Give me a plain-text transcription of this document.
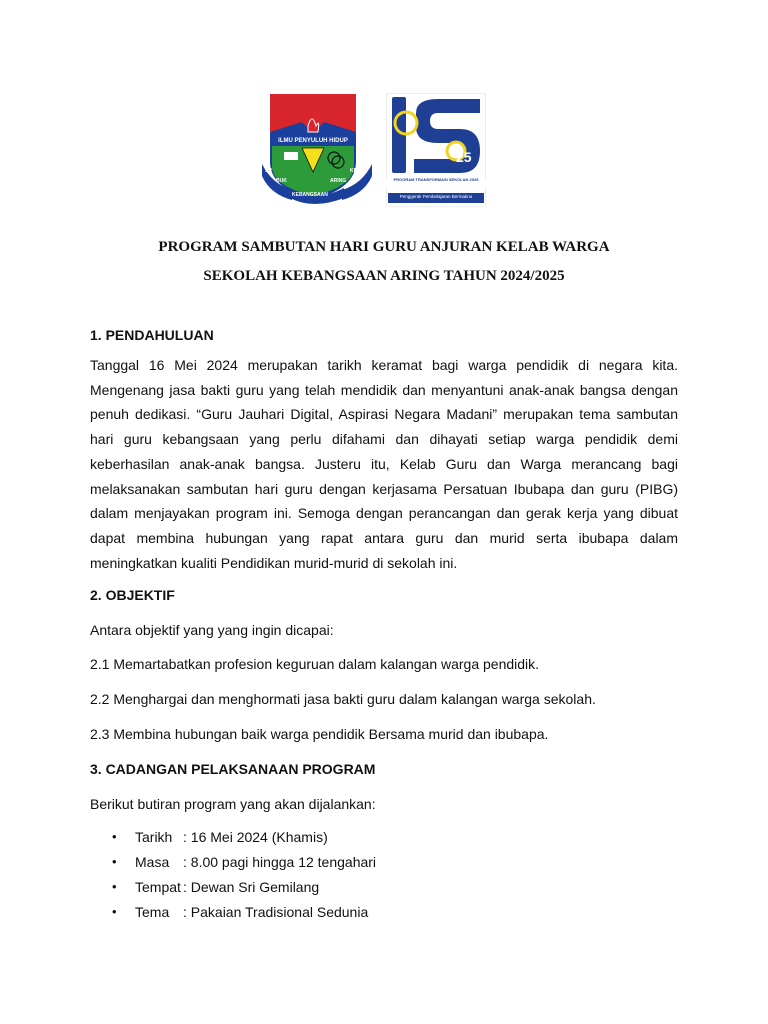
ILMU PENYULUH HIDUP
SR
BUK
KEBANGSAAN
ARING
KB
25
PROGRAM TRANSFORMASI SEKOLAH 2025
Penggerak Pembelajaran Bermakna
PROGRAM SAMBUTAN HARI GURU ANJURAN KELAB WARGA
SEKOLAH KEBANGSAAN ARING TAHUN 2024/2025
1. PENDAHULUAN

Tanggal 16 Mei 2024 merupakan tarikh keramat bagi warga pendidik di negara kita. Mengenang jasa bakti guru yang telah mendidik dan menyantuni anak-anak bangsa dengan penuh dedikasi. “Guru Jauhari Digital, Aspirasi Negara Madani” merupakan tema sambutan hari guru kebangsaan yang perlu difahami dan dihayati setiap warga pendidik demi keberhasilan anak-anak bangsa. Justeru itu, Kelab Guru dan Warga merancang bagi melaksanakan sambutan hari guru dengan kerjasama Persatuan Ibubapa dan guru (PIBG) dalam menjayakan program ini. Semoga dengan perancangan dan gerak kerja yang dibuat dapat membina hubungan yang rapat antara guru dan murid serta ibubapa dalam meningkatkan kualiti Pendidikan murid-murid di sekolah ini.

2. OBJEKTIF
Antara objektif yang yang ingin dicapai:
2.1 Memartabatkan profesion keguruan dalam kalangan warga pendidik.
2.2 Menghargai dan menghormati jasa bakti guru dalam kalangan warga sekolah.
2.3 Membina hubungan baik warga pendidik Bersama murid dan ibubapa.
3. CADANGAN PELAKSANAAN PROGRAM
Berikut butiran program yang akan dijalankan:
• Tarikh : 16 Mei 2024 (Khamis)
• Masa : 8.00 pagi hingga 12 tengahari
• Tempat : Dewan Sri Gemilang
• Tema : Pakaian Tradisional Sedunia
